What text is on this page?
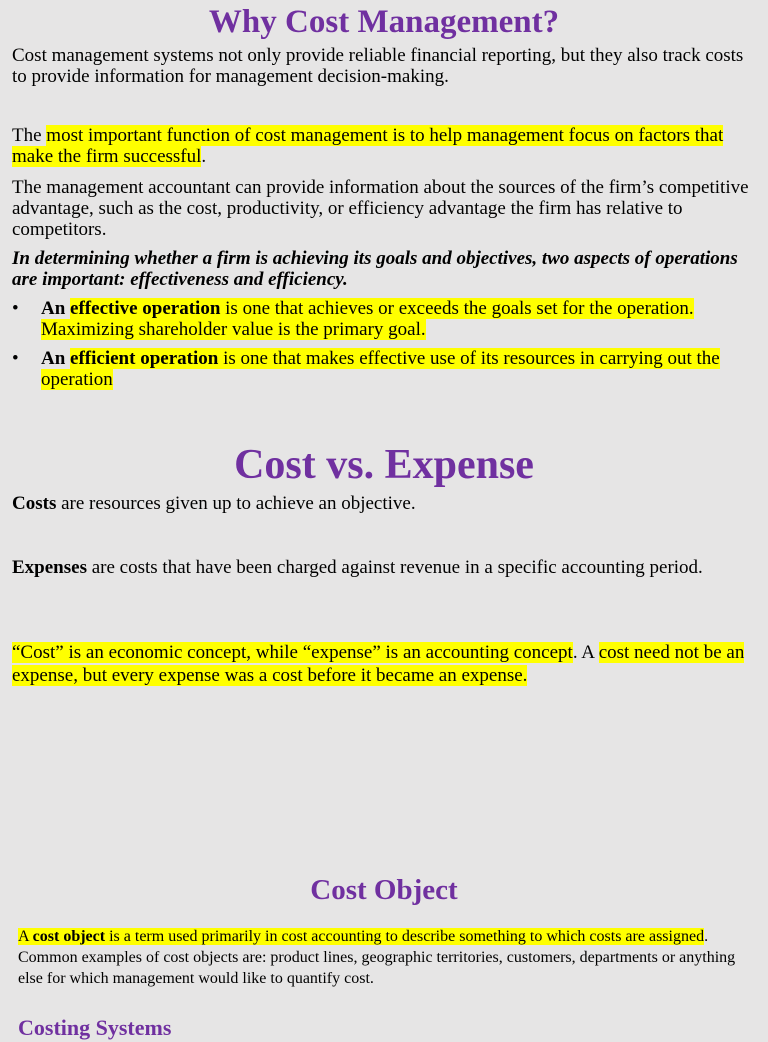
Why Cost Management?

Cost management systems not only provide reliable financial reporting, but they also track costs to provide information for management decision-making.

The most important function of cost management is to help management focus on factors that make the firm successful.

The management accountant can provide information about the sources of the firm’s competitive advantage, such as the cost, productivity, or efficiency advantage the firm has relative to competitors.

In determining whether a firm is achieving its goals and objectives, two aspects of operations are important: effectiveness and efficiency.

• An effective operation is one that achieves or exceeds the goals set for the operation. Maximizing shareholder value is the primary goal.
• An efficient operation is one that makes effective use of its resources in carrying out the operation
Cost vs. Expense

Costs are resources given up to achieve an objective.

Expenses are costs that have been charged against revenue in a specific accounting period.

“Cost” is an economic concept, while “expense” is an accounting concept. A cost need not be an expense, but every expense was a cost before it became an expense.

Cost Object

A cost object is a term used primarily in cost accounting to describe something to which costs are assigned. Common examples of cost objects are: product lines, geographic territories, customers, departments or anything else for which management would like to quantify cost.

Costing Systems
